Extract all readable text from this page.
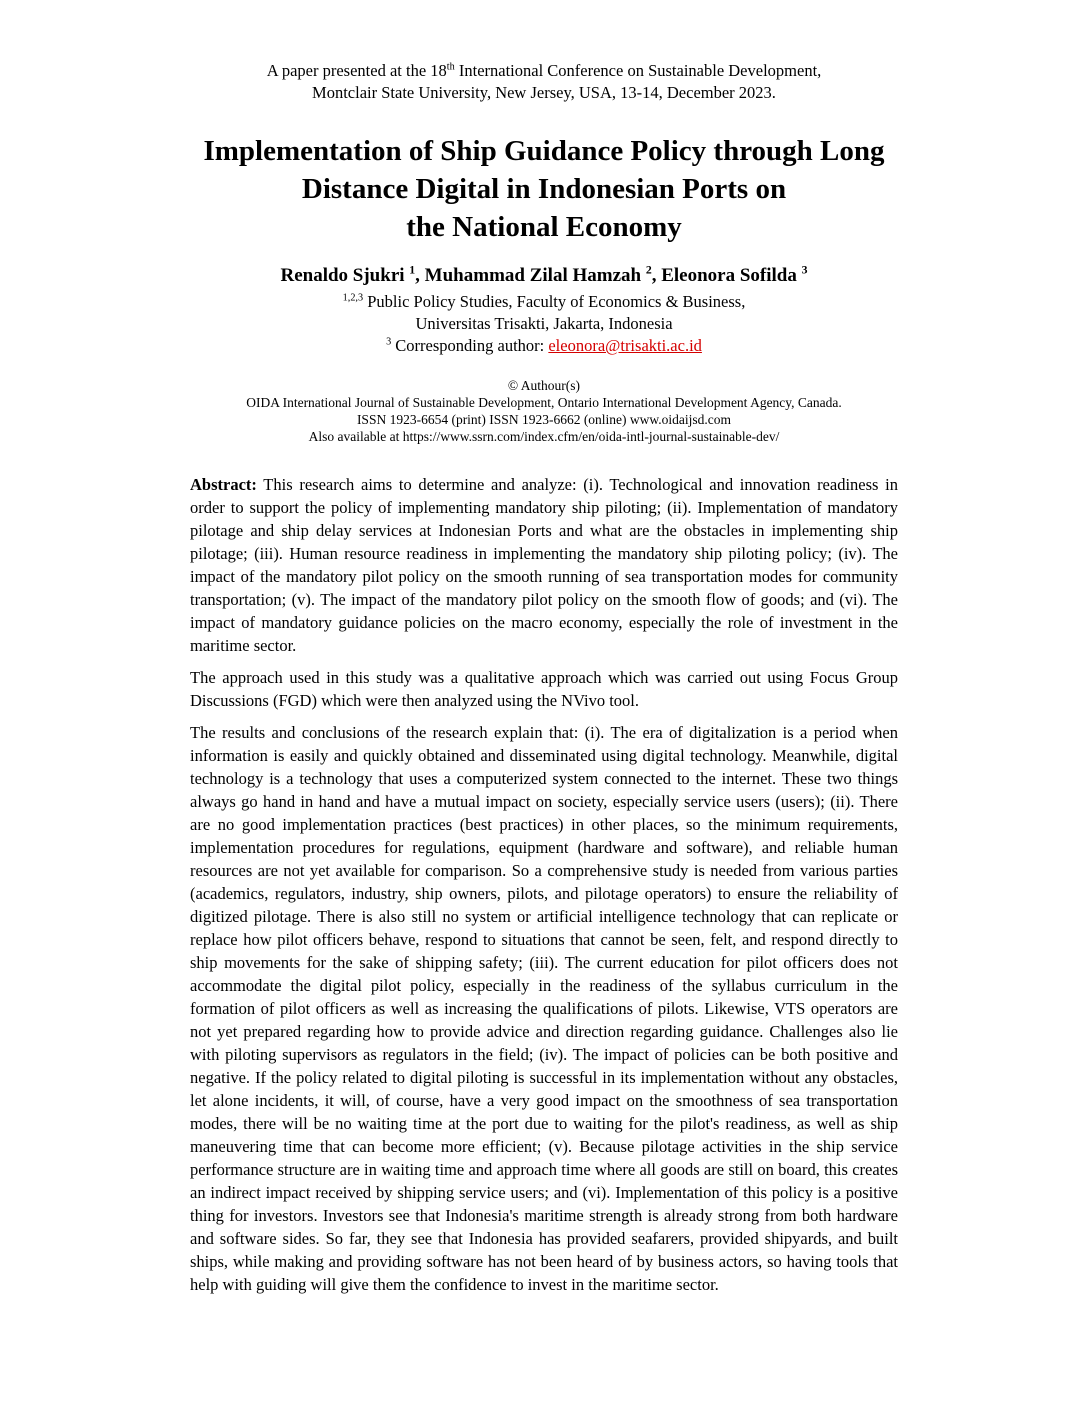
A paper presented at the 18th International Conference on Sustainable Development,
Montclair State University, New Jersey, USA, 13-14, December 2023.
Implementation of Ship Guidance Policy through Long
Distance Digital in Indonesian Ports on
the National Economy
Renaldo Sjukri $^1$, Muhammad Zilal Hamzah $^2$, Eleonora Sofilda $^3$
$^{1,2,3}$ Public Policy Studies, Faculty of Economics & Business,
Universitas Trisakti, Jakarta, Indonesia
$^3$ Corresponding author: eleonora@trisakti.ac.id
© Authour(s)
OIDA International Journal of Sustainable Development, Ontario International Development Agency, Canada.
ISSN 1923-6654 (print) ISSN 1923-6662 (online) www.oidaijsd.com
Also available at https://www.ssrn.com/index.cfm/en/oida-intl-journal-sustainable-dev/

Abstract: This research aims to determine and analyze: (i). Technological and innovation readiness in order to support the policy of implementing mandatory ship piloting; (ii). Implementation of mandatory pilotage and ship delay services at Indonesian Ports and what are the obstacles in implementing ship pilotage; (iii). Human resource readiness in implementing the mandatory ship piloting policy; (iv). The impact of the mandatory pilot policy on the smooth running of sea transportation modes for community transportation; (v). The impact of the mandatory pilot policy on the smooth flow of goods; and (vi). The impact of mandatory guidance policies on the macro economy, especially the role of investment in the maritime sector.

The approach used in this study was a qualitative approach which was carried out using Focus Group Discussions (FGD) which were then analyzed using the NVivo tool.

The results and conclusions of the research explain that: (i). The era of digitalization is a period when information is easily and quickly obtained and disseminated using digital technology. Meanwhile, digital technology is a technology that uses a computerized system connected to the internet. These two things always go hand in hand and have a mutual impact on society, especially service users (users); (ii). There are no good implementation practices (best practices) in other places, so the minimum requirements, implementation procedures for regulations, equipment (hardware and software), and reliable human resources are not yet available for comparison. So a comprehensive study is needed from various parties (academics, regulators, industry, ship owners, pilots, and pilotage operators) to ensure the reliability of digitized pilotage. There is also still no system or artificial intelligence technology that can replicate or replace how pilot officers behave, respond to situations that cannot be seen, felt, and respond directly to ship movements for the sake of shipping safety; (iii). The current education for pilot officers does not accommodate the digital pilot policy, especially in the readiness of the syllabus curriculum in the formation of pilot officers as well as increasing the qualifications of pilots. Likewise, VTS operators are not yet prepared regarding how to provide advice and direction regarding guidance. Challenges also lie with piloting supervisors as regulators in the field; (iv). The impact of policies can be both positive and negative. If the policy related to digital piloting is successful in its implementation without any obstacles, let alone incidents, it will, of course, have a very good impact on the smoothness of sea transportation modes, there will be no waiting time at the port due to waiting for the pilot's readiness, as well as ship maneuvering time that can become more efficient; (v). Because pilotage activities in the ship service performance structure are in waiting time and approach time where all goods are still on board, this creates an indirect impact received by shipping service users; and (vi). Implementation of this policy is a positive thing for investors. Investors see that Indonesia's maritime strength is already strong from both hardware and software sides. So far, they see that Indonesia has provided seafarers, provided shipyards, and built ships, while making and providing software has not been heard of by business actors, so having tools that help with guiding will give them the confidence to invest in the maritime sector.
